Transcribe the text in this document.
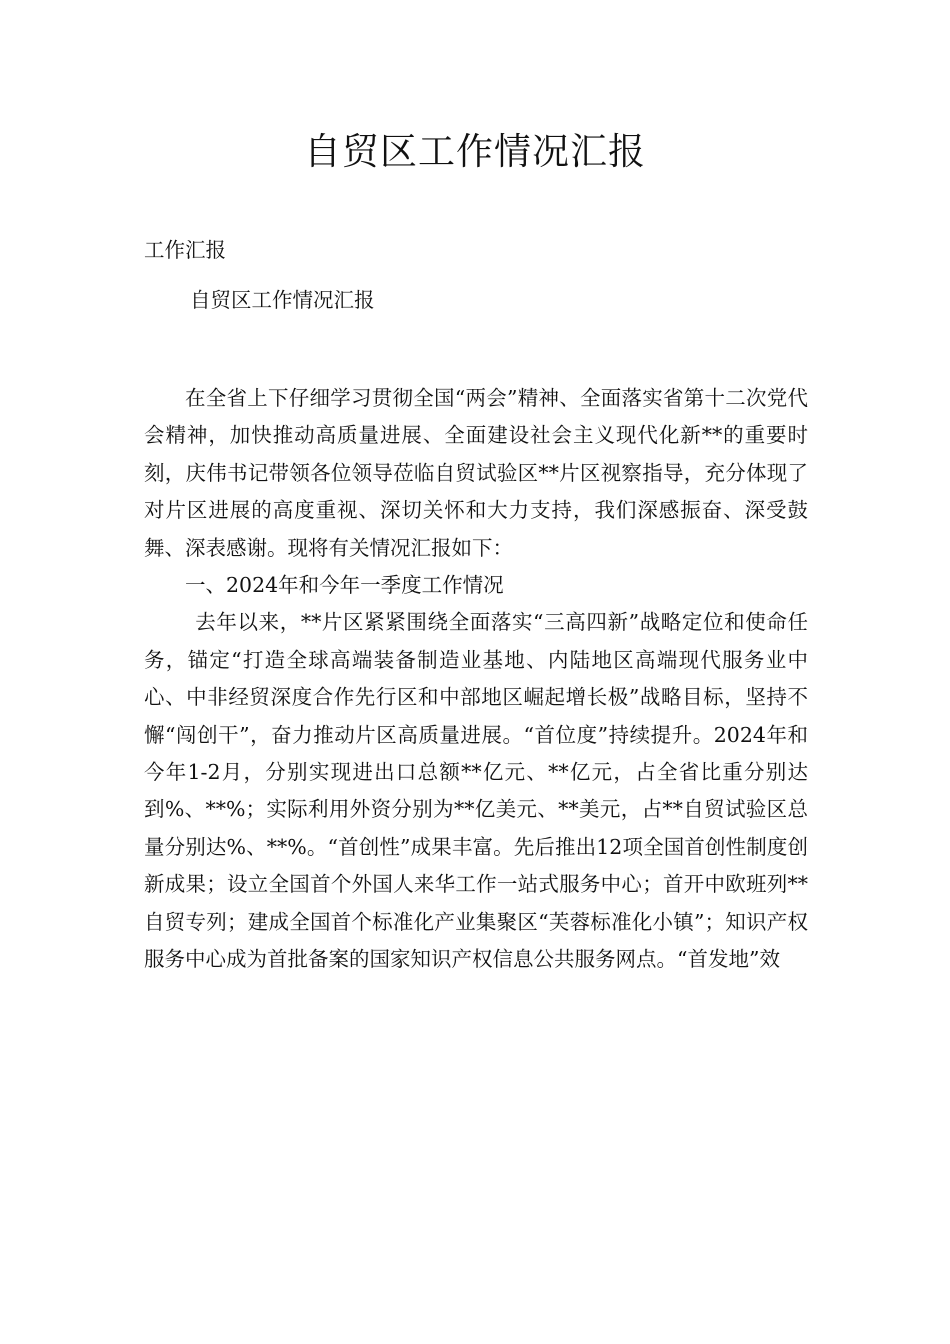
自贸区工作情况汇报
工作汇报
自贸区工作情况汇报

在全省上下仔细学习贯彻全国“两会”精神、全面落实省第十二次党代会精神，加快推动高质量进展、全面建设社会主义现代化新**的重要时刻，庆伟书记带领各位领导莅临自贸试验区**片区视察指导，充分体现了对片区进展的高度重视、深切关怀和大力支持，我们深感振奋、深受鼓舞、深表感谢。现将有关情况汇报如下：

一、2024年和今年一季度工作情况

去年以来，**片区紧紧围绕全面落实“三高四新”战略定位和使命任务，锚定“打造全球高端装备制造业基地、内陆地区高端现代服务业中心、中非经贸深度合作先行区和中部地区崛起增长极”战略目标，坚持不懈“闯创干”，奋力推动片区高质量进展。“首位度”持续提升。2024年和今年1-2月，分别实现进出口总额**亿元、**亿元，占全省比重分别达到%、**%；实际利用外资分别为**亿美元、**美元，占**自贸试验区总量分别达%、**%。“首创性”成果丰富。先后推出12项全国首创性制度创新成果；设立全国首个外国人来华工作一站式服务中心；首开中欧班列**自贸专列；建成全国首个标准化产业集聚区“芙蓉标准化小镇”；知识产权服务中心成为首批备案的国家知识产权信息公共服务网点。“首发地”效
